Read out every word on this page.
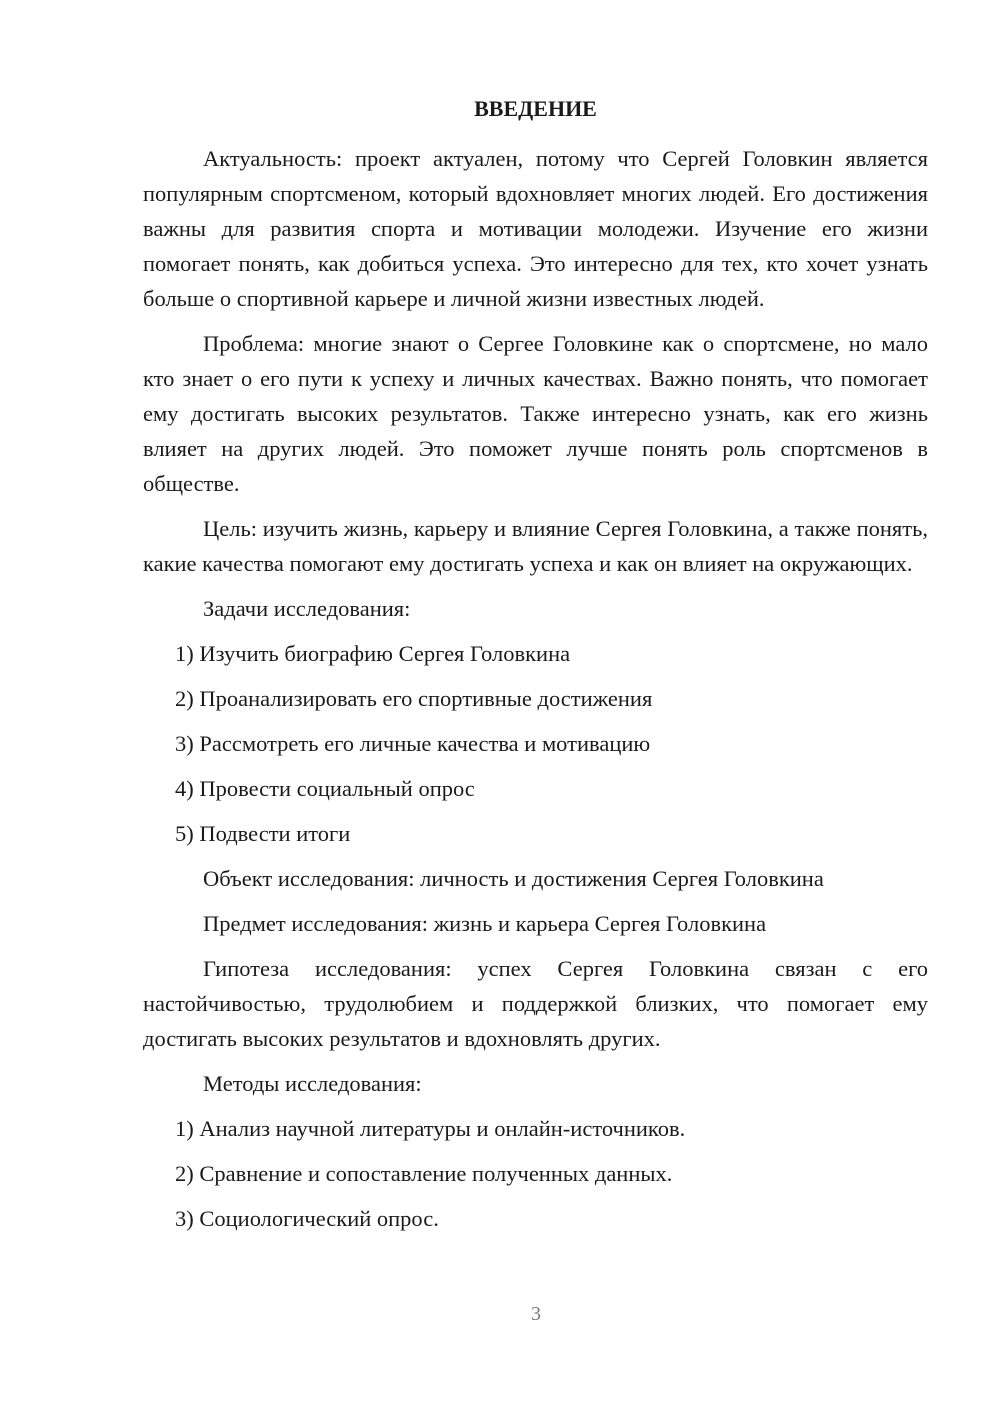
ВВЕДЕНИЕ

Актуальность: проект актуален, потому что Сергей Головкин является популярным спортсменом, который вдохновляет многих людей. Его достижения важны для развития спорта и мотивации молодежи. Изучение его жизни помогает понять, как добиться успеха. Это интересно для тех, кто хочет узнать больше о спортивной карьере и личной жизни известных людей.

Проблема: многие знают о Сергее Головкине как о спортсмене, но мало кто знает о его пути к успеху и личных качествах. Важно понять, что помогает ему достигать высоких результатов. Также интересно узнать, как его жизнь влияет на других людей. Это поможет лучше понять роль спортсменов в обществе.

Цель: изучить жизнь, карьеру и влияние Сергея Головкина, а также понять, какие качества помогают ему достигать успеха и как он влияет на окружающих.

Задачи исследования:

1) Изучить биографию Сергея Головкина

2) Проанализировать его спортивные достижения

3) Рассмотреть его личные качества и мотивацию

4) Провести социальный опрос

5) Подвести итоги

Объект исследования: личность и достижения Сергея Головкина

Предмет исследования: жизнь и карьера Сергея Головкина

Гипотеза исследования: успех Сергея Головкина связан с его настойчивостью, трудолюбием и поддержкой близких, что помогает ему достигать высоких результатов и вдохновлять других.

Методы исследования:

1) Анализ научной литературы и онлайн-источников.

2) Сравнение и сопоставление полученных данных.

3) Социологический опрос.

3
